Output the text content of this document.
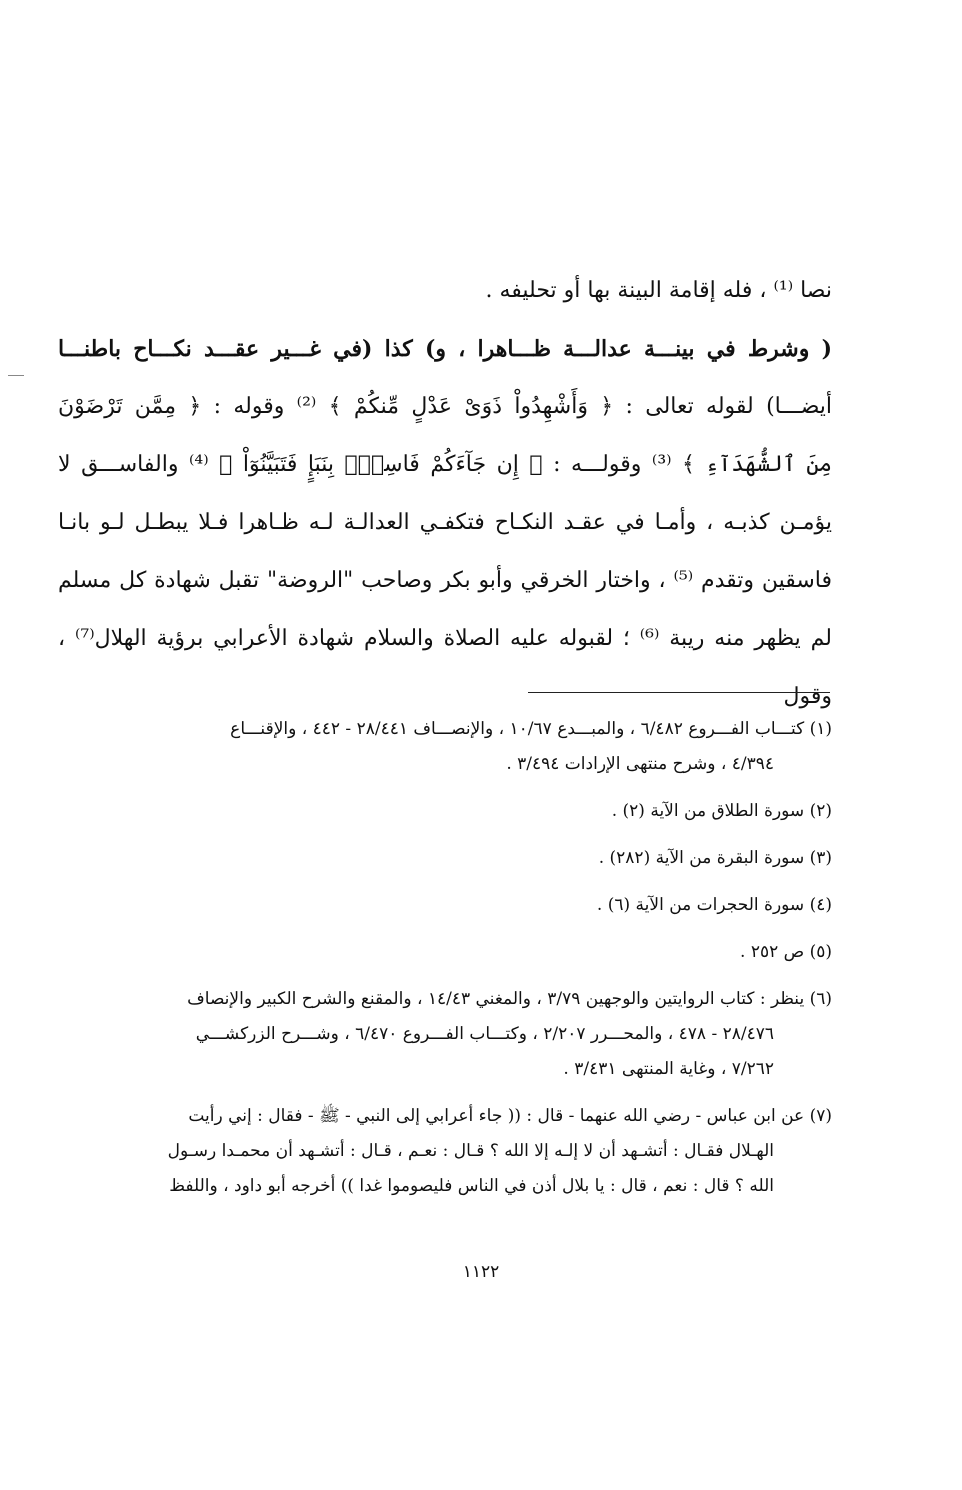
نصا ⁽¹⁾ ، فله إقامة البينة بها أو تحليفه .
( وشرط في بينـــة عدالـــة ظـــاهرا ، و) كذا (في غـــير عقـــد نكـــاح باطنـــا
أيضـــا) لقوله تعالى : ﴿ وَأَشْهِدُواْ ذَوَىْ عَدْلٍ مِّنكُمْ ﴾ ⁽²⁾ وقوله : ﴿ مِمَّن تَرْضَوْنَ
مِنَ ٱلشُّهَدَآءِ ﴾ ⁽³⁾ وقولـــه : ﴿ إِن جَآءَكُمْ فَاسِقٌۢ بِنَبَإٍ فَتَبَيَّنُوٓاْ ﴾ ⁽⁴⁾ والفاســـق لا
يؤمـن كذبـه ، وأمـا في عقـد النكـاح فتكفـي العدالـة لـه ظـاهرا فـلا يبطـل لـو بانـا
فاسقين وتقدم ⁽⁵⁾ ، واختار الخرقي وأبو بكر وصاحب "الروضة" تقبل شهادة كل مسلم
لم يظهر منه ريبة ⁽⁶⁾ ؛ لقبوله عليه الصلاة والسلام شهادة الأعرابي برؤية الهلال⁽⁷⁾ ، وقول
(١) كتـــاب الفـــروع ٦/٤٨٢ ، والمبـــدع ١٠/٦٧ ، والإنصـــاف ٢٨/٤٤١ - ٤٤٢ ، والإقنـــاع
٤/٣٩٤ ، وشرح منتهى الإرادات ٣/٤٩٤ .
(٢) سورة الطلاق من الآية (٢) .
(٣) سورة البقرة من الآية (٢٨٢) .
(٤) سورة الحجرات من الآية (٦) .
(٥) ص ٢٥٢ .
(٦) ينظر : كتاب الروايتين والوجهين ٣/٧٩ ، والمغني ١٤/٤٣ ، والمقنع والشرح الكبير والإنصاف
٢٨/٤٧٦ - ٤٧٨ ، والمحـــرر ٢/٢٠٧ ، وكتـــاب الفـــروع ٦/٤٧٠ ، وشـــرح الزركشـــي
٧/٢٦٢ ، وغاية المنتهى ٣/٤٣١ .
(٧) عن ابن عباس - رضي الله عنهما - قال : (( جاء أعرابي إلى النبي - ﷺ - فقال : إني رأيت
الهـلال فقـال : أتشـهد أن لا إلـه إلا الله ؟ قـال : نعـم ، قـال : أتشـهد أن محمـدا رسـول
الله ؟ قال : نعم ، قال : يا بلال أذن في الناس فليصوموا غدا )) أخرجه أبو داود ، واللفظ
١١٢٢
